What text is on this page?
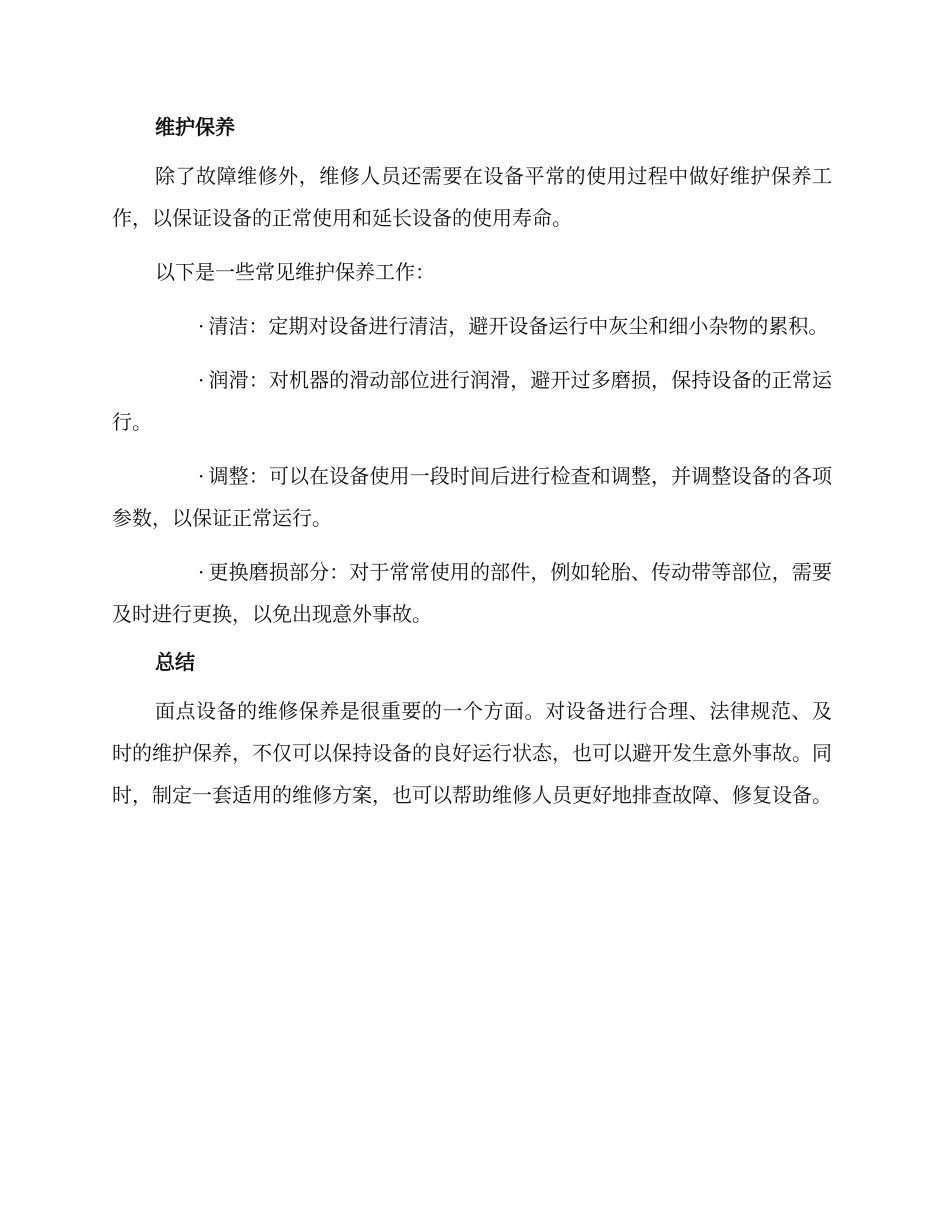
维护保养

除了故障维修外，维修人员还需要在设备平常的使用过程中做好维护保养工作，以保证设备的正常使用和延长设备的使用寿命。

以下是一些常见维护保养工作：

· 清洁：定期对设备进行清洁，避开设备运行中灰尘和细小杂物的累积。

· 润滑：对机器的滑动部位进行润滑，避开过多磨损，保持设备的正常运行。

· 调整：可以在设备使用一段时间后进行检查和调整，并调整设备的各项参数，以保证正常运行。

· 更换磨损部分：对于常常使用的部件，例如轮胎、传动带等部位，需要及时进行更换，以免出现意外事故。

总结

面点设备的维修保养是很重要的一个方面。对设备进行合理、法律规范、及时的维护保养，不仅可以保持设备的良好运行状态，也可以避开发生意外事故。同时，制定一套适用的维修方案，也可以帮助维修人员更好地排查故障、修复设备。
